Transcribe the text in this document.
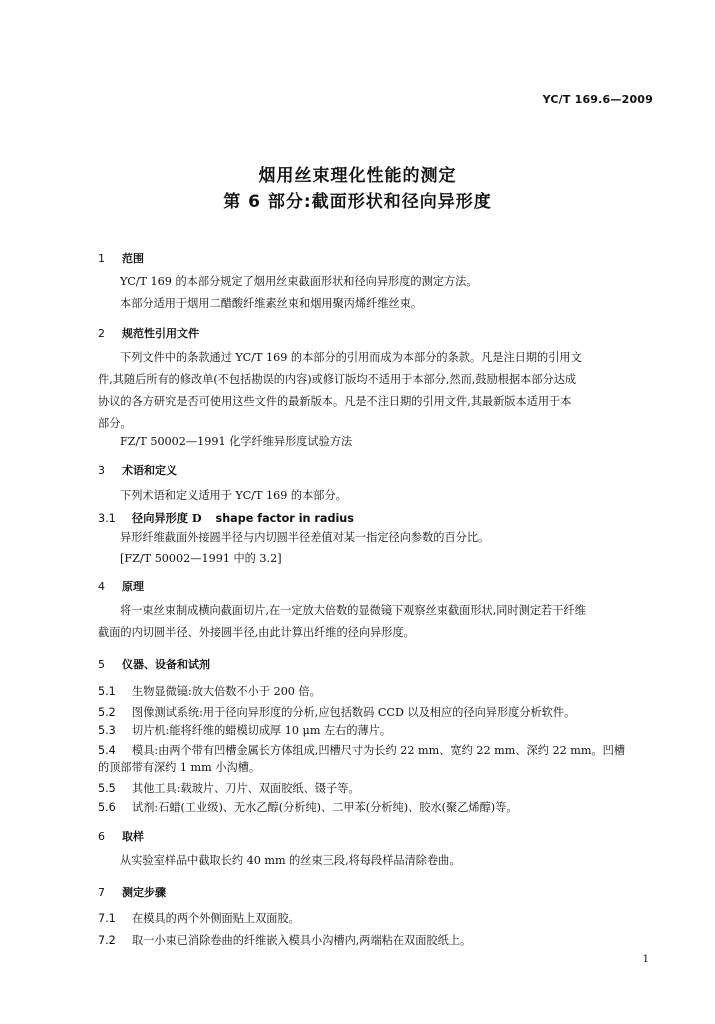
YC/T 169.6—2009
烟用丝束理化性能的测定
第 6 部分:截面形状和径向异形度
1 范围
YC/T 169 的本部分规定了烟用丝束截面形状和径向异形度的测定方法。
本部分适用于烟用二醋酸纤维素丝束和烟用聚丙烯纤维丝束。
2 规范性引用文件
下列文件中的条款通过 YC/T 169 的本部分的引用而成为本部分的条款。凡是注日期的引用文
件,其随后所有的修改单(不包括勘误的内容)或修订版均不适用于本部分,然而,鼓励根据本部分达成
协议的各方研究是否可使用这些文件的最新版本。凡是不注日期的引用文件,其最新版本适用于本
部分。
FZ/T 50002—1991 化学纤维异形度试验方法
3 术语和定义
下列术语和定义适用于 YC/T 169 的本部分。
3.1 径向异形度 D shape factor in radius
异形纤维截面外接圆半径与内切圆半径差值对某一指定径向参数的百分比。
[FZ/T 50002—1991 中的 3.2]
4 原理
将一束丝束制成横向截面切片,在一定放大倍数的显微镜下观察丝束截面形状,同时测定若干纤维
截面的内切圆半径、外接圆半径,由此计算出纤维的径向异形度。
5 仪器、设备和试剂
5.1 生物显微镜:放大倍数不小于 200 倍。
5.2 图像测试系统:用于径向异形度的分析,应包括数码 CCD 以及相应的径向异形度分析软件。
5.3 切片机:能将纤维的蜡模切成厚 10 μm 左右的薄片。
5.4 模具:由两个带有凹槽金属长方体组成,凹槽尺寸为长约 22 mm、宽约 22 mm、深约 22 mm。凹槽
的顶部带有深约 1 mm 小沟槽。
5.5 其他工具:载玻片、刀片、双面胶纸、镊子等。
5.6 试剂:石蜡(工业级)、无水乙醇(分析纯)、二甲苯(分析纯)、胶水(聚乙烯醇)等。
6 取样
从实验室样品中截取长约 40 mm 的丝束三段,将每段样品清除卷曲。
7 测定步骤
7.1 在模具的两个外侧面贴上双面胶。
7.2 取一小束已消除卷曲的纤维嵌入模具小沟槽内,两端粘在双面胶纸上。
1
